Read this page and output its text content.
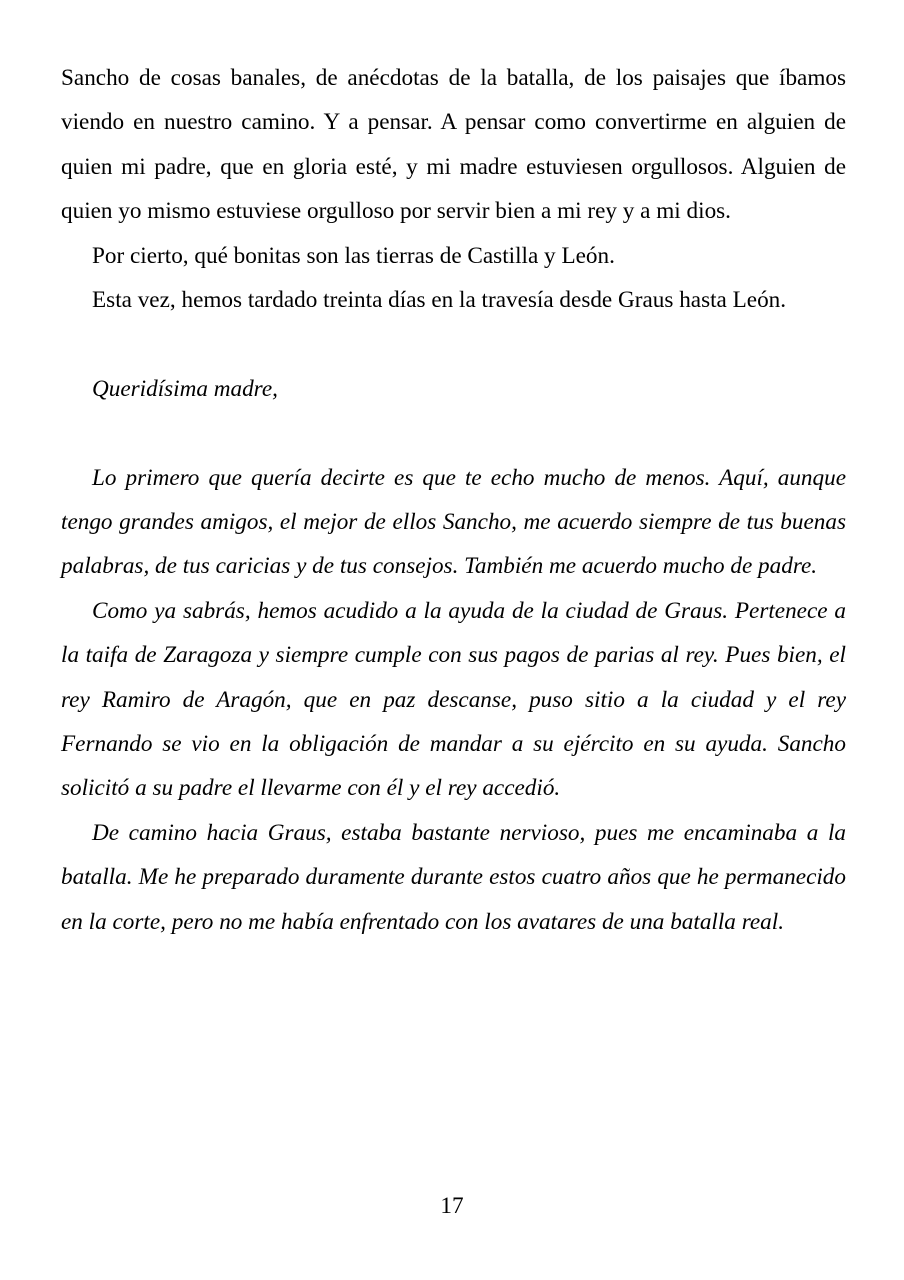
Sancho de cosas banales, de anécdotas de la batalla, de los paisajes que íbamos viendo en nuestro camino. Y a pensar. A pensar como convertirme en alguien de quien mi padre, que en gloria esté, y mi madre estuviesen orgullosos. Alguien de quien yo mismo estuviese orgulloso por servir bien a mi rey y a mi dios.

Por cierto, qué bonitas son las tierras de Castilla y León.

Esta vez, hemos tardado treinta días en la travesía desde Graus hasta León.

Queridísima madre,

Lo primero que quería decirte es que te echo mucho de menos. Aquí, aunque tengo grandes amigos, el mejor de ellos Sancho, me acuerdo siempre de tus buenas palabras, de tus caricias y de tus consejos. También me acuerdo mucho de padre.

Como ya sabrás, hemos acudido a la ayuda de la ciudad de Graus. Pertenece a la taifa de Zaragoza y siempre cumple con sus pagos de parias al rey. Pues bien, el rey Ramiro de Aragón, que en paz descanse, puso sitio a la ciudad y el rey Fernando se vio en la obligación de mandar a su ejército en su ayuda. Sancho solicitó a su padre el llevarme con él y el rey accedió.

De camino hacia Graus, estaba bastante nervioso, pues me encaminaba a la batalla. Me he preparado duramente durante estos cuatro años que he permanecido en la corte, pero no me había enfrentado con los avatares de una batalla real.

17
